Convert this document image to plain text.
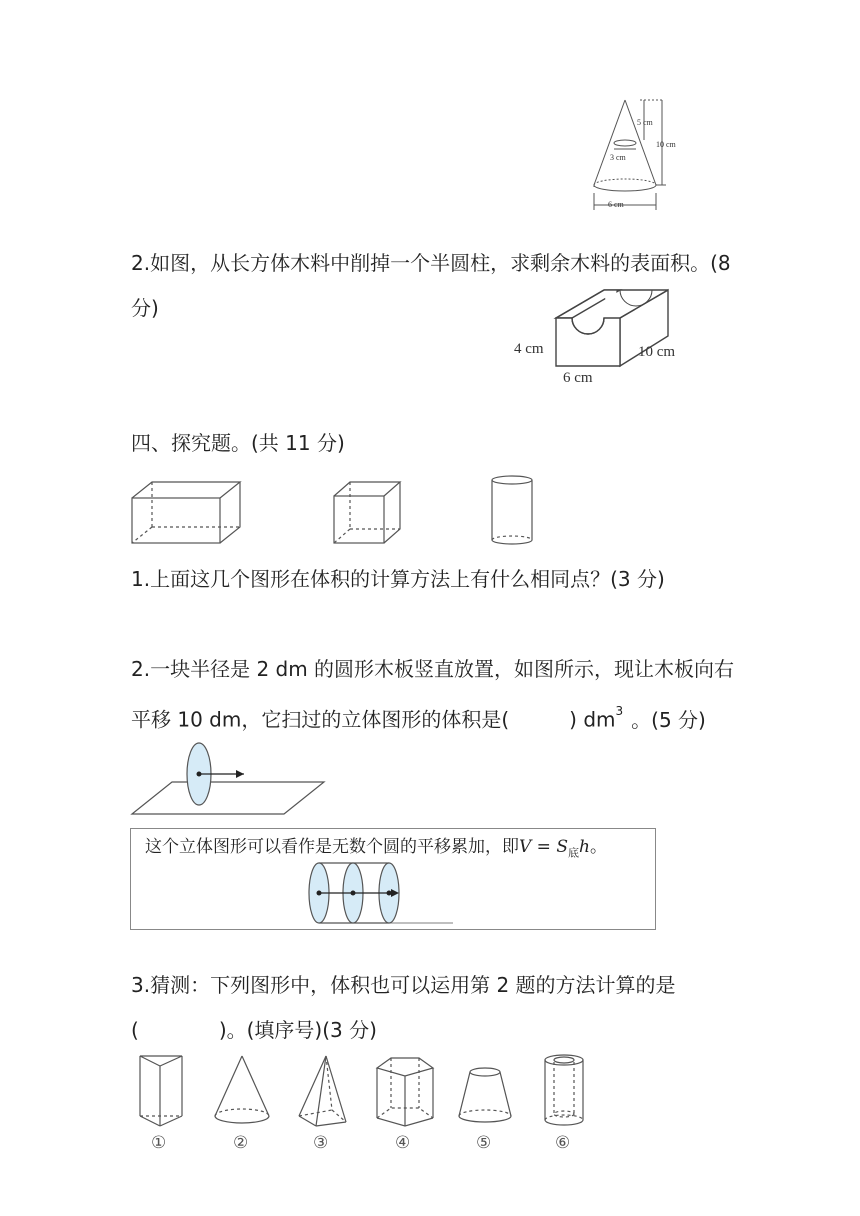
5 cm
10 cm
3 cm
6 cm
2.如图，从长方体木料中削掉一个半圆柱，求剩余木料的表面积。(8
分)
4 cm	10 cm
6 cm
四、探究题。(共 11 分)
1.上面这几个图形在体积的计算方法上有什么相同点？(3 分)
2.一块半径是 2 dm 的圆形木板竖直放置，如图所示，现让木板向右
平移 10 dm，它扫过的立体图形的体积是(	) $dm^3$ 。(5 分)
这个立体图形可以看作是无数个圆的平移累加，即$V = S_底h$。
3.猜测：下列图形中，体积也可以运用第 2 题的方法计算的是
(	)。(填序号)(3 分)
①	②	③	④	⑤	⑥
